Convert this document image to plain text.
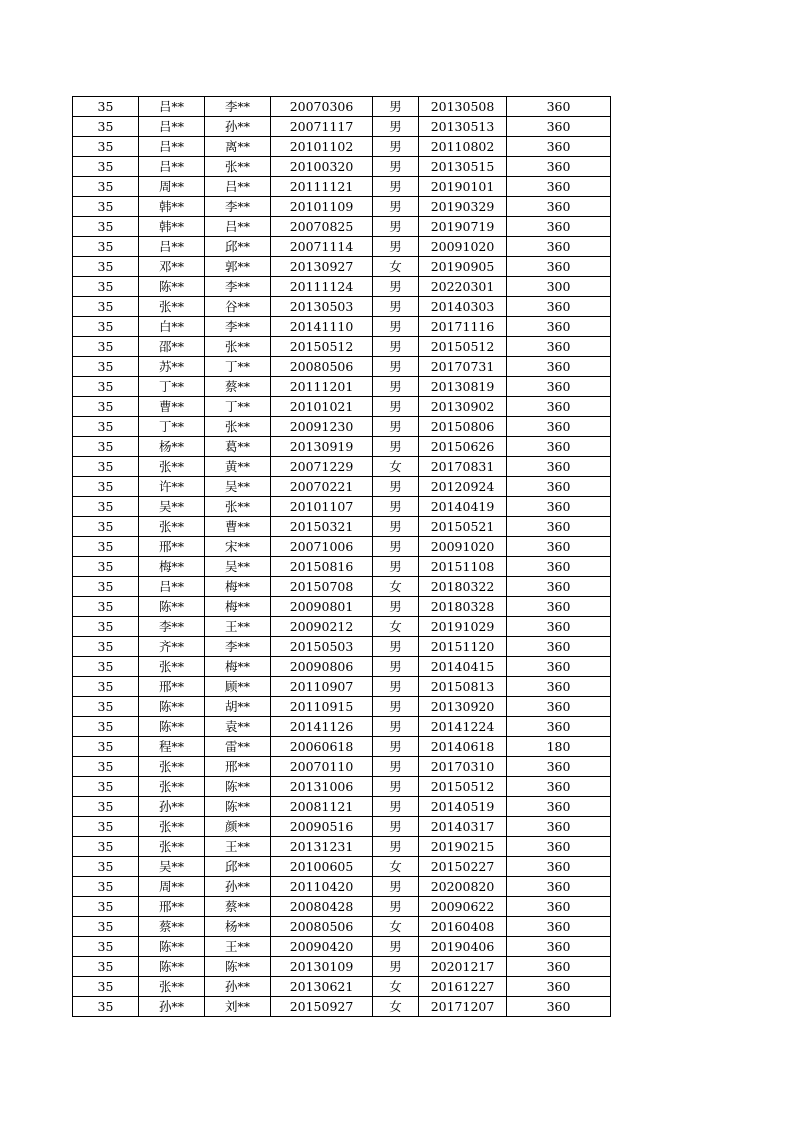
35	吕**	李**	20070306	男	20130508	360
35	吕**	孙**	20071117	男	20130513	360
35	吕**	离**	20101102	男	20110802	360
35	吕**	张**	20100320	男	20130515	360
35	周**	吕**	20111121	男	20190101	360
35	韩**	李**	20101109	男	20190329	360
35	韩**	吕**	20070825	男	20190719	360
35	吕**	邱**	20071114	男	20091020	360
35	邓**	郭**	20130927	女	20190905	360
35	陈**	李**	20111124	男	20220301	300
35	张**	谷**	20130503	男	20140303	360
35	白**	李**	20141110	男	20171116	360
35	邵**	张**	20150512	男	20150512	360
35	苏**	丁**	20080506	男	20170731	360
35	丁**	蔡**	20111201	男	20130819	360
35	曹**	丁**	20101021	男	20130902	360
35	丁**	张**	20091230	男	20150806	360
35	杨**	葛**	20130919	男	20150626	360
35	张**	黄**	20071229	女	20170831	360
35	许**	吴**	20070221	男	20120924	360
35	吴**	张**	20101107	男	20140419	360
35	张**	曹**	20150321	男	20150521	360
35	邢**	宋**	20071006	男	20091020	360
35	梅**	吴**	20150816	男	20151108	360
35	吕**	梅**	20150708	女	20180322	360
35	陈**	梅**	20090801	男	20180328	360
35	李**	王**	20090212	女	20191029	360
35	齐**	李**	20150503	男	20151120	360
35	张**	梅**	20090806	男	20140415	360
35	邢**	顾**	20110907	男	20150813	360
35	陈**	胡**	20110915	男	20130920	360
35	陈**	袁**	20141126	男	20141224	360
35	程**	雷**	20060618	男	20140618	180
35	张**	邢**	20070110	男	20170310	360
35	张**	陈**	20131006	男	20150512	360
35	孙**	陈**	20081121	男	20140519	360
35	张**	颜**	20090516	男	20140317	360
35	张**	王**	20131231	男	20190215	360
35	吴**	邱**	20100605	女	20150227	360
35	周**	孙**	20110420	男	20200820	360
35	邢**	蔡**	20080428	男	20090622	360
35	蔡**	杨**	20080506	女	20160408	360
35	陈**	王**	20090420	男	20190406	360
35	陈**	陈**	20130109	男	20201217	360
35	张**	孙**	20130621	女	20161227	360
35	孙**	刘**	20150927	女	20171207	360
